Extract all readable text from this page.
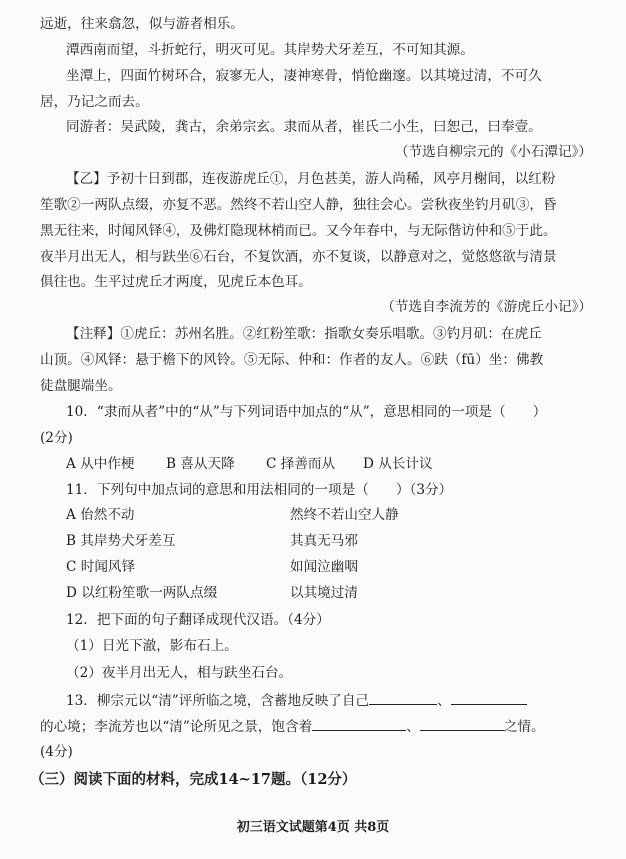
远逝，往来翕忽，似与游者相乐。
潭西南而望，斗折蛇行，明灭可见。其岸势犬牙差互，不可知其源。
坐潭上，四面竹树环合，寂寥无人，凄神寒骨，悄怆幽邃。以其境过清，不可久
居，乃记之而去。
同游者：吴武陵，龚古，余弟宗玄。隶而从者，崔氏二小生，曰恕己，曰奉壹。
（节选自柳宗元的《小石潭记》）
【乙】予初十日到郡，连夜游虎丘①，月色甚美，游人尚稀，风亭月榭间，以红粉
笙歌②一两队点缀，亦复不恶。然终不若山空人静，独往会心。尝秋夜坐钓月矶③，昏
黑无往来，时闻风铎④，及佛灯隐现林梢而已。又今年春中，与无际偕访仲和⑤于此。
夜半月出无人，相与趺坐⑥石台，不复饮酒，亦不复谈，以静意对之，觉悠悠欲与清景
俱往也。生平过虎丘才两度，见虎丘本色耳。
（节选自李流芳的《游虎丘小记》）
【注释】①虎丘：苏州名胜。②红粉笙歌：指歌女奏乐唱歌。③钓月矶：在虎丘
山顶。④风铎：悬于檐下的风铃。⑤无际、仲和：作者的友人。⑥趺（fū）坐：佛教
徒盘腿端坐。
10．“隶而从者”中的“从”与下列词语中加点的“从”，意思相同的一项是（　　）
(2分)
A 从中作梗 B 喜从天降 C 择善而从 D 从长计议
11．下列句中加点词的意思和用法相同的一项是（　　）（3分）
A 佁然不动	然终不若山空人静
B 其岸势犬牙差互	其真无马邪
C 时闻风铎	如闻泣幽咽
D 以红粉笙歌一两队点缀	以其境过清
12．把下面的句子翻译成现代汉语。（4分）
（1）日光下澈，影布石上。
（2）夜半月出无人，相与趺坐石台。
13．柳宗元以“清”评所临之境，含蓄地反映了自己	、
的心境；李流芳也以“清”论所见之景，饱含着	、	之情。
(4分)
（三）阅读下面的材料，完成14~17题。（12分）
初三语文试题第4页 共8页
